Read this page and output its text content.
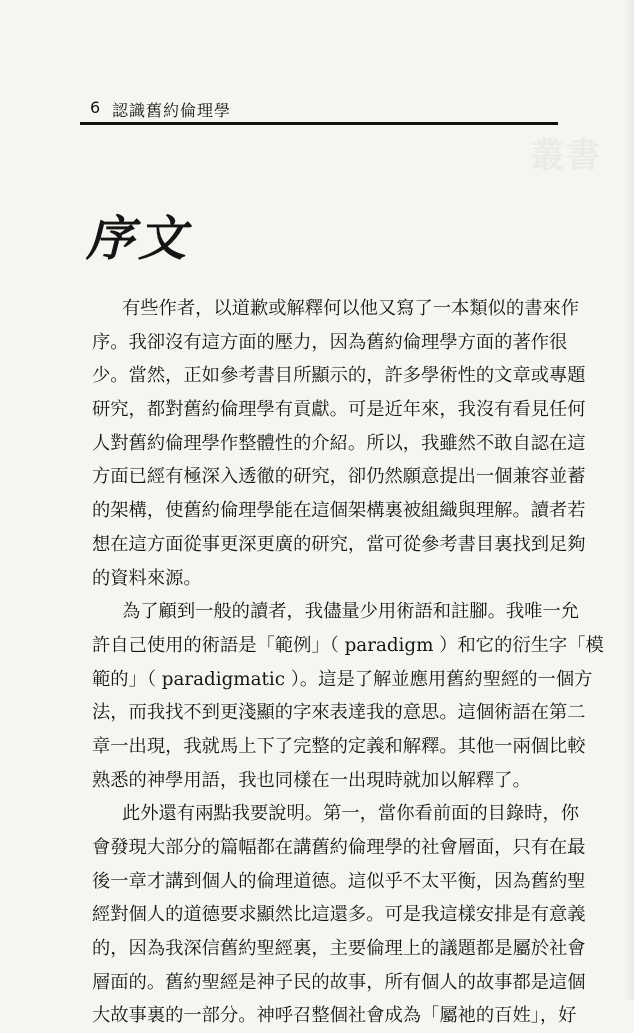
6 認識舊約倫理學
叢書
序文
有些作者，以道歉或解釋何以他又寫了一本類似的書來作
序。我卻沒有這方面的壓力，因為舊約倫理學方面的著作很
少。當然，正如參考書目所顯示的，許多學術性的文章或專題
研究，都對舊約倫理學有貢獻。可是近年來，我沒有看見任何
人對舊約倫理學作整體性的介紹。所以，我雖然不敢自認在這
方面已經有極深入透徹的研究，卻仍然願意提出一個兼容並蓄
的架構，使舊約倫理學能在這個架構裏被組織與理解。讀者若
想在這方面從事更深更廣的研究，當可從參考書目裏找到足夠
的資料來源。
為了顧到一般的讀者，我儘量少用術語和註腳。我唯一允
許自己使用的術語是「範例」（ paradigm ）和它的衍生字「模
範的」（ paradigmatic ）。這是了解並應用舊約聖經的一個方
法，而我找不到更淺顯的字來表達我的意思。這個術語在第二
章一出現，我就馬上下了完整的定義和解釋。其他一兩個比較
熟悉的神學用語，我也同樣在一出現時就加以解釋了。
此外還有兩點我要說明。第一，當你看前面的目錄時，你
會發現大部分的篇幅都在講舊約倫理學的社會層面，只有在最
後一章才講到個人的倫理道德。這似乎不太平衡，因為舊約聖
經對個人的道德要求顯然比這還多。可是我這樣安排是有意義
的，因為我深信舊約聖經裏，主要倫理上的議題都是屬於社會
層面的。舊約聖經是神子民的故事，所有個人的故事都是這個
大故事裏的一部分。神呼召整個社會成為「屬祂的百姓」，好
